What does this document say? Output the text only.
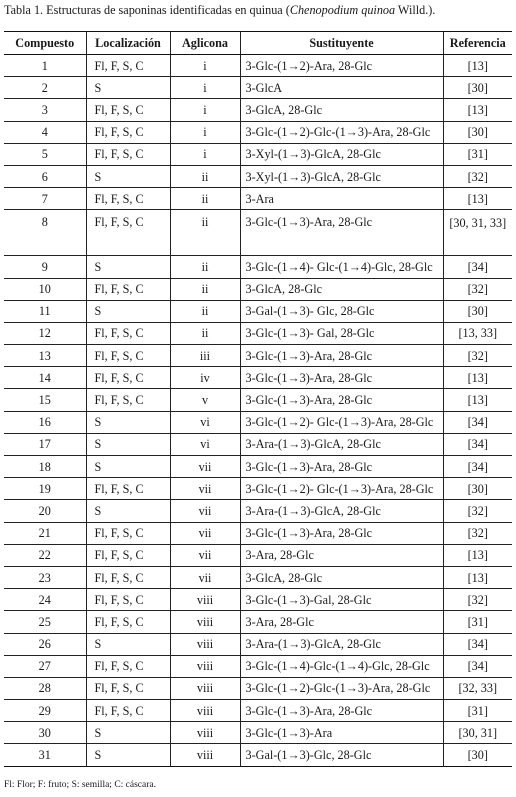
Tabla 1. Estructuras de saponinas identificadas en quinua (Chenopodium quinoa Willd.).
Compuesto	Localización	Aglicona	Sustituyente	Referencia
1	Fl, F, S, C	i	3-Glc-(1→2)-Ara, 28-Glc	[13]
2	S	i	3-GlcA	[30]
3	Fl, F, S, C	i	3-GlcA, 28-Glc	[13]
4	Fl, F, S, C	i	3-Glc-(1→2)-Glc-(1→3)-Ara, 28-Glc	[30]
5	Fl, F, S, C	i	3-Xyl-(1→3)-GlcA, 28-Glc	[31]
6	S	ii	3-Xyl-(1→3)-GlcA, 28-Glc	[32]
7	Fl, F, S, C	ii	3-Ara	[13]
8	Fl, F, S, C	ii	3-Glc-(1→3)-Ara, 28-Glc	[30, 31, 33]
9	S	ii	3-Glc-(1→4)- Glc-(1→4)-Glc, 28-Glc	[34]
10	Fl, F, S, C	ii	3-GlcA, 28-Glc	[32]
11	S	ii	3-Gal-(1→3)- Glc, 28-Glc	[30]
12	Fl, F, S, C	ii	3-Glc-(1→3)- Gal, 28-Glc	[13, 33]
13	Fl, F, S, C	iii	3-Glc-(1→3)-Ara, 28-Glc	[32]
14	Fl, F, S, C	iv	3-Glc-(1→3)-Ara, 28-Glc	[13]
15	Fl, F, S, C	v	3-Glc-(1→3)-Ara, 28-Glc	[13]
16	S	vi	3-Glc-(1→2)- Glc-(1→3)-Ara, 28-Glc	[34]
17	S	vi	3-Ara-(1→3)-GlcA, 28-Glc	[34]
18	S	vii	3-Glc-(1→3)-Ara, 28-Glc	[34]
19	Fl, F, S, C	vii	3-Glc-(1→2)- Glc-(1→3)-Ara, 28-Glc	[30]
20	S	vii	3-Ara-(1→3)-GlcA, 28-Glc	[32]
21	Fl, F, S, C	vii	3-Glc-(1→3)-Ara, 28-Glc	[32]
22	Fl, F, S, C	vii	3-Ara, 28-Glc	[13]
23	Fl, F, S, C	vii	3-GlcA, 28-Glc	[13]
24	Fl, F, S, C	viii	3-Glc-(1→3)-Gal, 28-Glc	[32]
25	Fl, F, S, C	viii	3-Ara, 28-Glc	[31]
26	S	viii	3-Ara-(1→3)-GlcA, 28-Glc	[34]
27	Fl, F, S, C	viii	3-Glc-(1→4)-Glc-(1→4)-Glc, 28-Glc	[34]
28	Fl, F, S, C	viii	3-Glc-(1→2)-Glc-(1→3)-Ara, 28-Glc	[32, 33]
29	Fl, F, S, C	viii	3-Glc-(1→3)-Ara, 28-Glc	[31]
30	S	viii	3-Glc-(1→3)-Ara	[30, 31]
31	S	viii	3-Gal-(1→3)-Glc, 28-Glc	[30]
Fl: Flor; F: fruto; S: semilla; C: cáscara.
